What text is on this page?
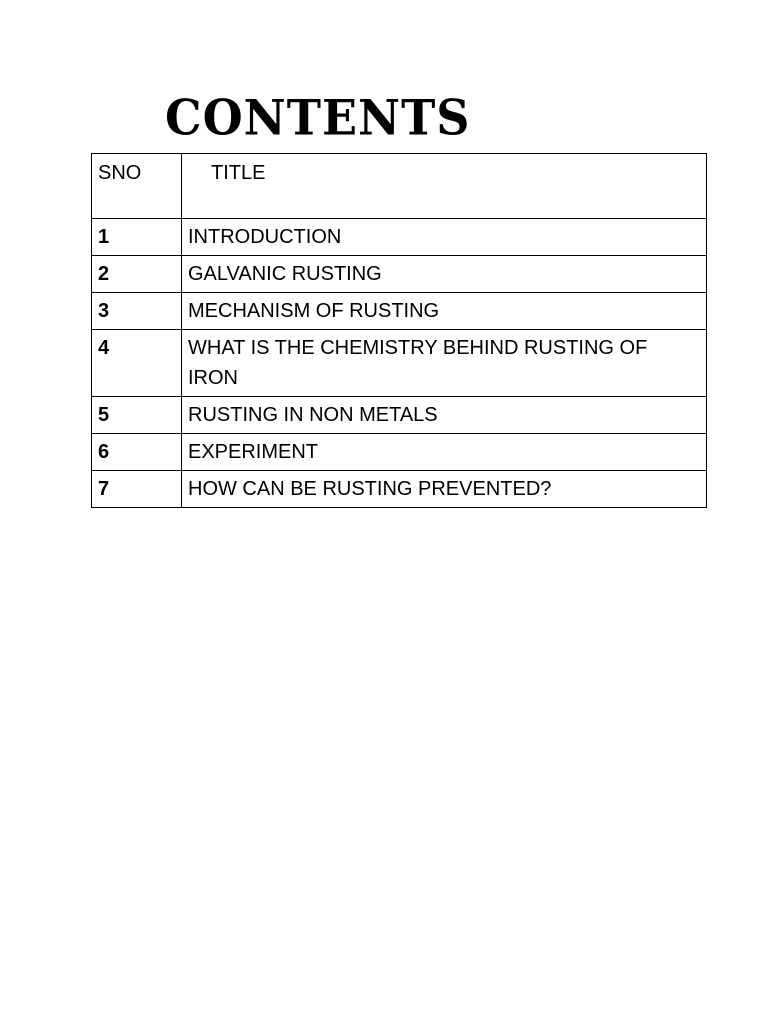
CONTENTS
SNO	TITLE
1	INTRODUCTION
2	GALVANIC RUSTING
3	MECHANISM OF RUSTING
4	WHAT IS THE CHEMISTRY BEHIND RUSTING OF IRON
5	RUSTING IN NON METALS
6	EXPERIMENT
7	HOW CAN BE RUSTING PREVENTED?
